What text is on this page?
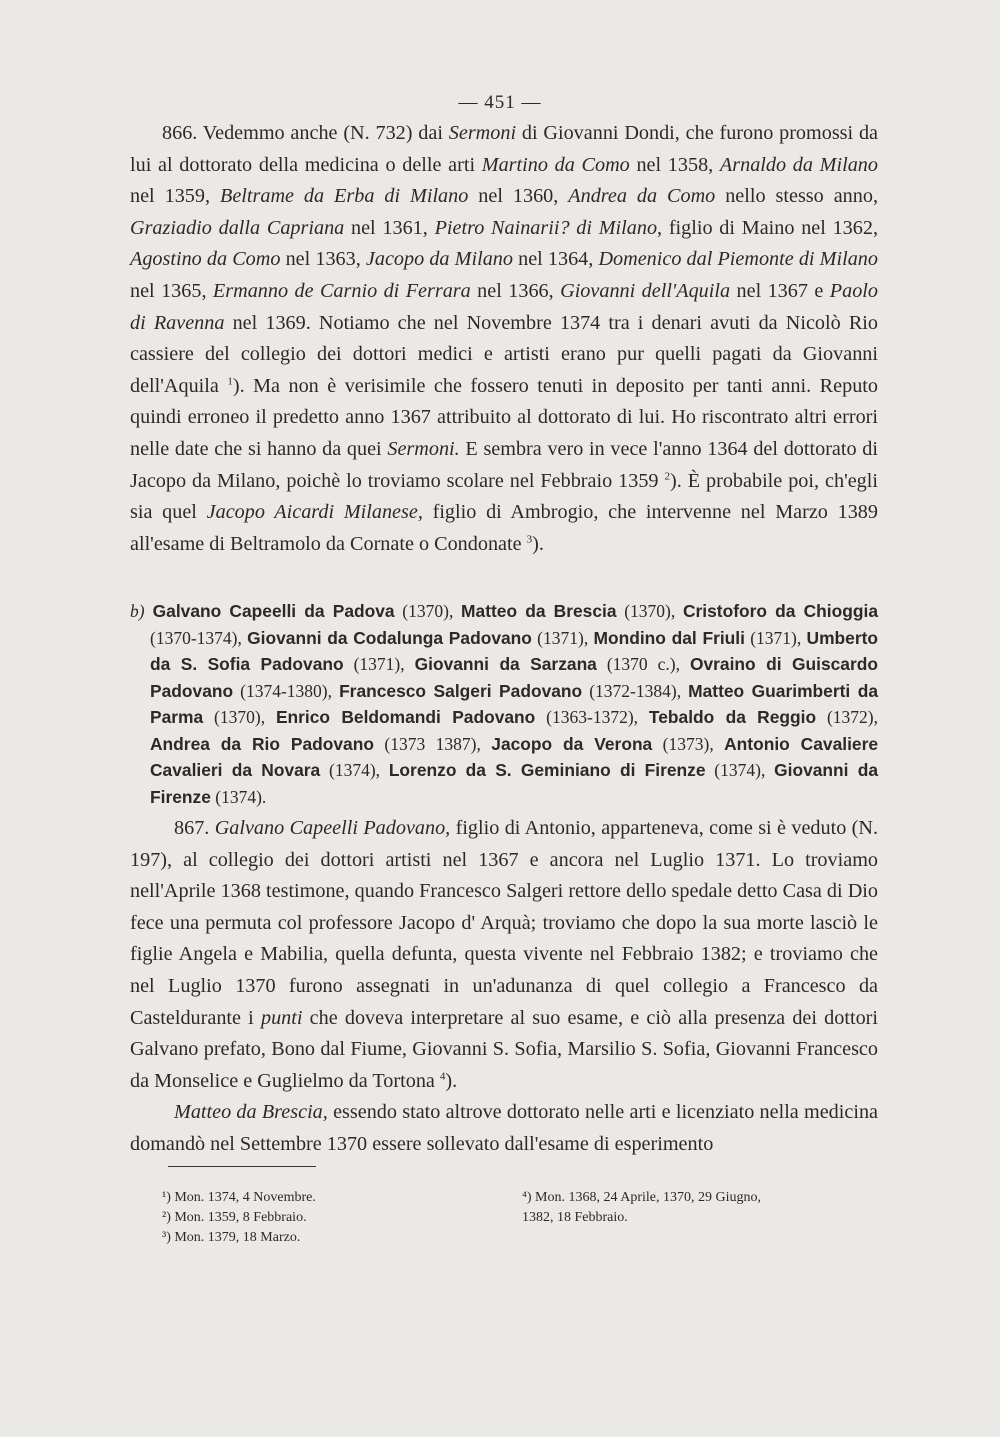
— 451 —

866. Vedemmo anche (N. 732) dai Sermoni di Giovanni Dondi, che furono promossi da lui al dottorato della medicina o delle arti Martino da Como nel 1358, Arnaldo da Milano nel 1359, Beltrame da Erba di Milano nel 1360, Andrea da Como nello stesso anno, Graziadio dalla Capriana nel 1361, Pietro Nainarii? di Milano, figlio di Maino nel 1362, Agostino da Como nel 1363, Jacopo da Milano nel 1364, Domenico dal Piemonte di Milano nel 1365, Ermanno de Carnio di Ferrara nel 1366, Giovanni dell'Aquila nel 1367 e Paolo di Ravenna nel 1369. Notiamo che nel Novembre 1374 tra i denari avuti da Nicolò Rio cassiere del collegio dei dottori medici e artisti erano pur quelli pagati da Giovanni dell'Aquila $^1$). Ma non è verisimile che fossero tenuti in deposito per tanti anni. Reputo quindi erroneo il predetto anno 1367 attribuito al dottorato di lui. Ho riscontrato altri errori nelle date che si hanno da quei Sermoni. E sembra vero in vece l'anno 1364 del dottorato di Jacopo da Milano, poichè lo troviamo scolare nel Febbraio 1359 $^2$). È probabile poi, ch'egli sia quel Jacopo Aicardi Milanese, figlio di Ambrogio, che intervenne nel Marzo 1389 all'esame di Beltramolo da Cornate o Condonate $^3$).

b) Galvano Capeelli da Padova (1370), Matteo da Brescia (1370), Cristoforo da Chioggia (1370-1374), Giovanni da Codalunga Padovano (1371), Mondino dal Friuli (1371), Umberto da S. Sofia Padovano (1371), Giovanni da Sarzana (1370 c.), Ovraino di Guiscardo Padovano (1374-1380), Francesco Salgeri Padovano (1372-1384), Matteo Guarimberti da Parma (1370), Enrico Beldomandi Padovano (1363-1372), Tebaldo da Reggio (1372), Andrea da Rio Padovano (1373 1387), Jacopo da Verona (1373), Antonio Cavaliere Cavalieri da Novara (1374), Lorenzo da S. Geminiano di Firenze (1374), Giovanni da Firenze (1374).

867. Galvano Capeelli Padovano, figlio di Antonio, apparteneva, come si è veduto (N. 197), al collegio dei dottori artisti nel 1367 e ancora nel Luglio 1371. Lo troviamo nell'Aprile 1368 testimone, quando Francesco Salgeri rettore dello spedale detto Casa di Dio fece una permuta col professore Jacopo d' Arquà; troviamo che dopo la sua morte lasciò le figlie Angela e Mabilia, quella defunta, questa vivente nel Febbraio 1382; e troviamo che nel Luglio 1370 furono assegnati in un'adunanza di quel collegio a Francesco da Casteldurante i punti che doveva interpretare al suo esame, e ciò alla presenza dei dottori Galvano prefato, Bono dal Fiume, Giovanni S. Sofia, Marsilio S. Sofia, Giovanni Francesco da Monselice e Guglielmo da Tortona $^4$).

Matteo da Brescia, essendo stato altrove dottorato nelle arti e licenziato nella medicina domandò nel Settembre 1370 essere sollevato dall'esame di esperimento

¹) Mon. 1374, 4 Novembre.
²) Mon. 1359, 8 Febbraio.
³) Mon. 1379, 18 Marzo.
⁴) Mon. 1368, 24 Aprile, 1370, 29 Giugno,
1382, 18 Febbraio.
